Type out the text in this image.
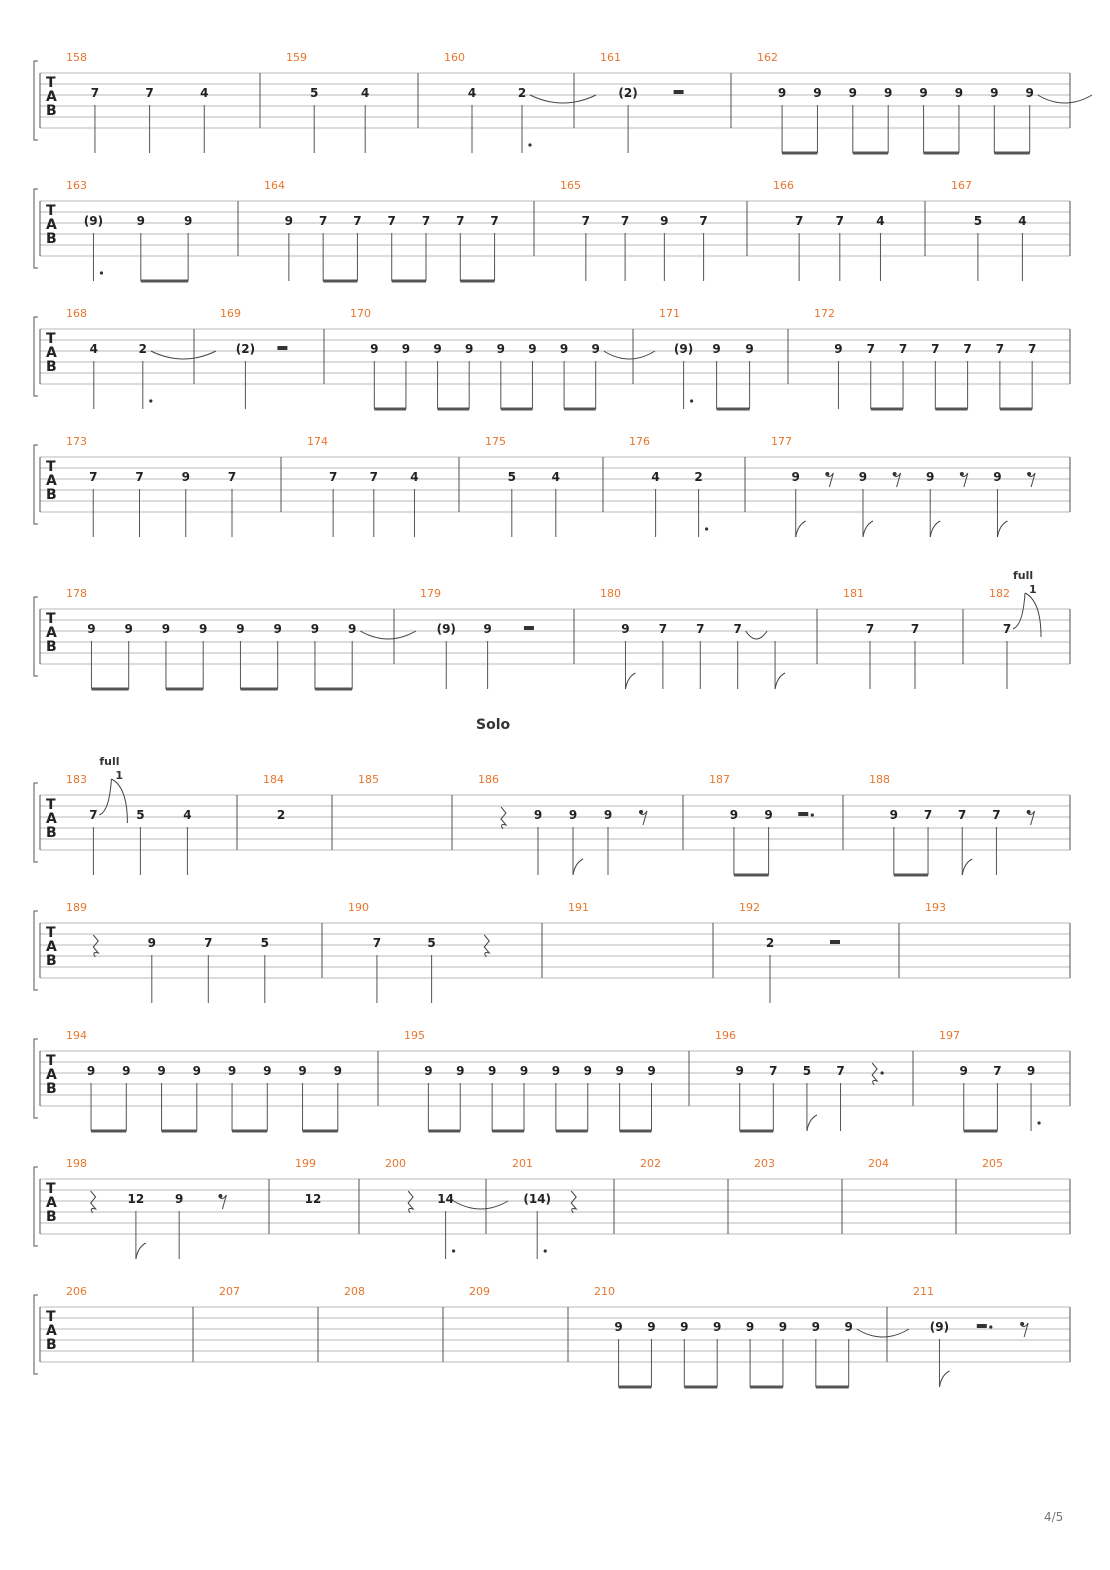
T
A
B
158
7	7	4
159
5	4
160
4	2
161
(2)
162
9 9 9 9 9 9 9 9
T
A
B
163
(9)	9	9
164
9 7 7 7 7 7 7
165
7	7	9	7
166
7	7	4
167
5	4
T
A
B
168
4	2
169
(2)
170
9 9 9 9 9 9 9 9
171
(9) 9 9
172
9 7 7 7 7 7 7
T
A
B
173
7	7	9	7
174
7	7	4
175
5	4
176
4	2
177
9	9	9	9
T
A
B
178
9 9 9 9 9 9 9 9
179
(9) 9
180
9 7 7 7
181
7	7
182
7
full
1
T
A
B
183
7
full
1
5	4
184
2
185	186
9 9 9
187
9 9
188
9 7 7 7
T
A
B
189
9	7	5
190
7	5
191	192
2
193
T
A
B
194
9 9 9 9 9 9 9 9
195
9 9 9 9 9 9 9 9
196
9 7 5 7
197
9 7 9
T
A
B
198
12	9
199
12
200
14
201
(14)
202	203	204	205
T
A
B
206	207	208	209	210
9 9 9 9 9 9 9 9
211
(9)
Solo
4/5
